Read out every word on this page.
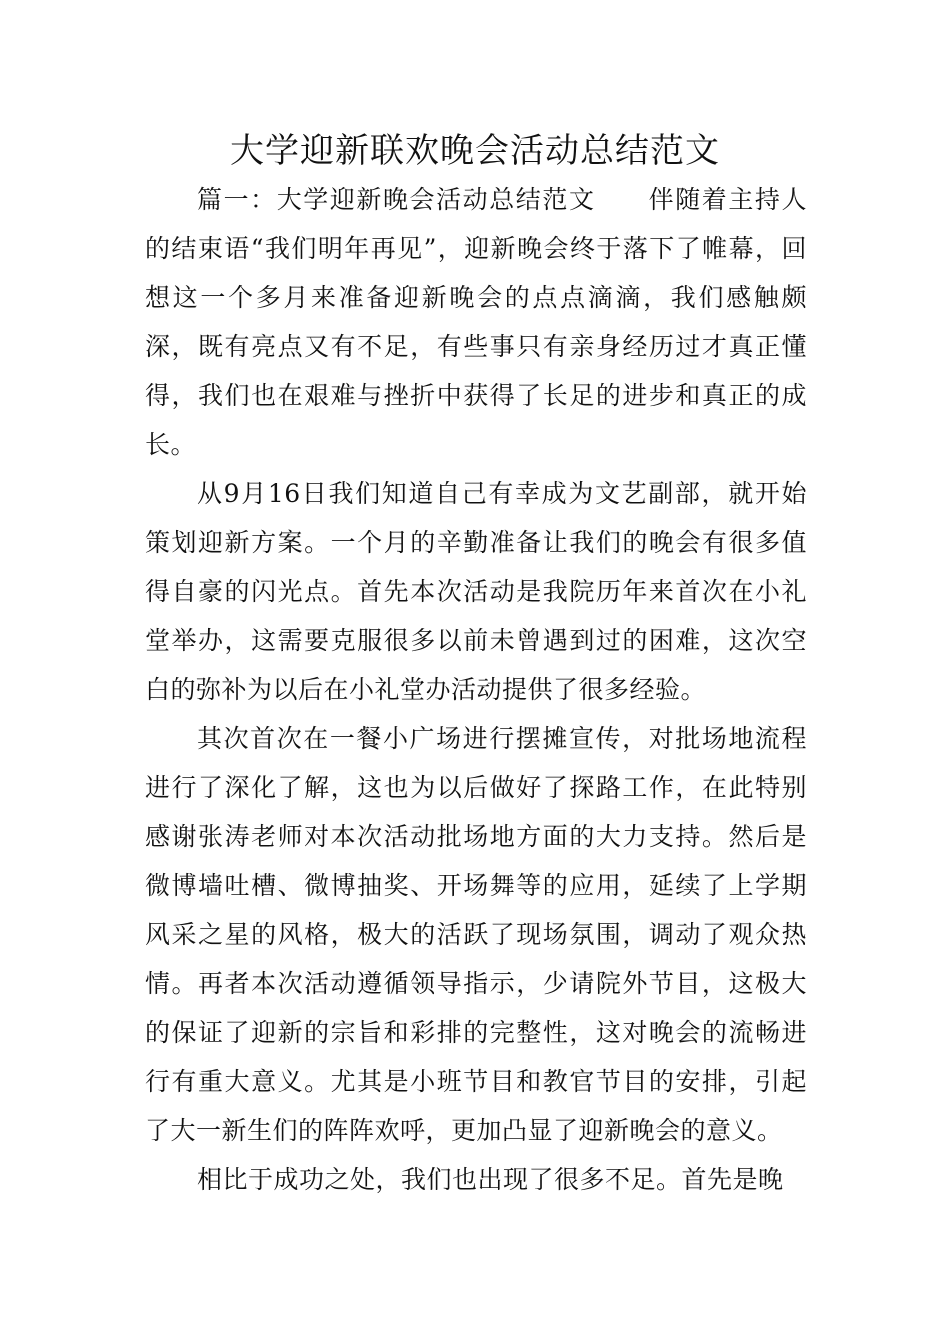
大学迎新联欢晚会活动总结范文

篇一：大学迎新晚会活动总结范文　　伴随着主持人的结束语“我们明年再见”，迎新晚会终于落下了帷幕，回想这一个多月来准备迎新晚会的点点滴滴，我们感触颇深，既有亮点又有不足，有些事只有亲身经历过才真正懂得，我们也在艰难与挫折中获得了长足的进步和真正的成长。

从9月16日我们知道自己有幸成为文艺副部，就开始策划迎新方案。一个月的辛勤准备让我们的晚会有很多值得自豪的闪光点。首先本次活动是我院历年来首次在小礼堂举办，这需要克服很多以前未曾遇到过的困难，这次空白的弥补为以后在小礼堂办活动提供了很多经验。

其次首次在一餐小广场进行摆摊宣传，对批场地流程进行了深化了解，这也为以后做好了探路工作，在此特别感谢张涛老师对本次活动批场地方面的大力支持。然后是微博墙吐槽、微博抽奖、开场舞等的应用，延续了上学期风采之星的风格，极大的活跃了现场氛围，调动了观众热情。再者本次活动遵循领导指示，少请院外节目，这极大的保证了迎新的宗旨和彩排的完整性，这对晚会的流畅进行有重大意义。尤其是小班节目和教官节目的安排，引起了大一新生们的阵阵欢呼，更加凸显了迎新晚会的意义。

相比于成功之处，我们也出现了很多不足。首先是晚
